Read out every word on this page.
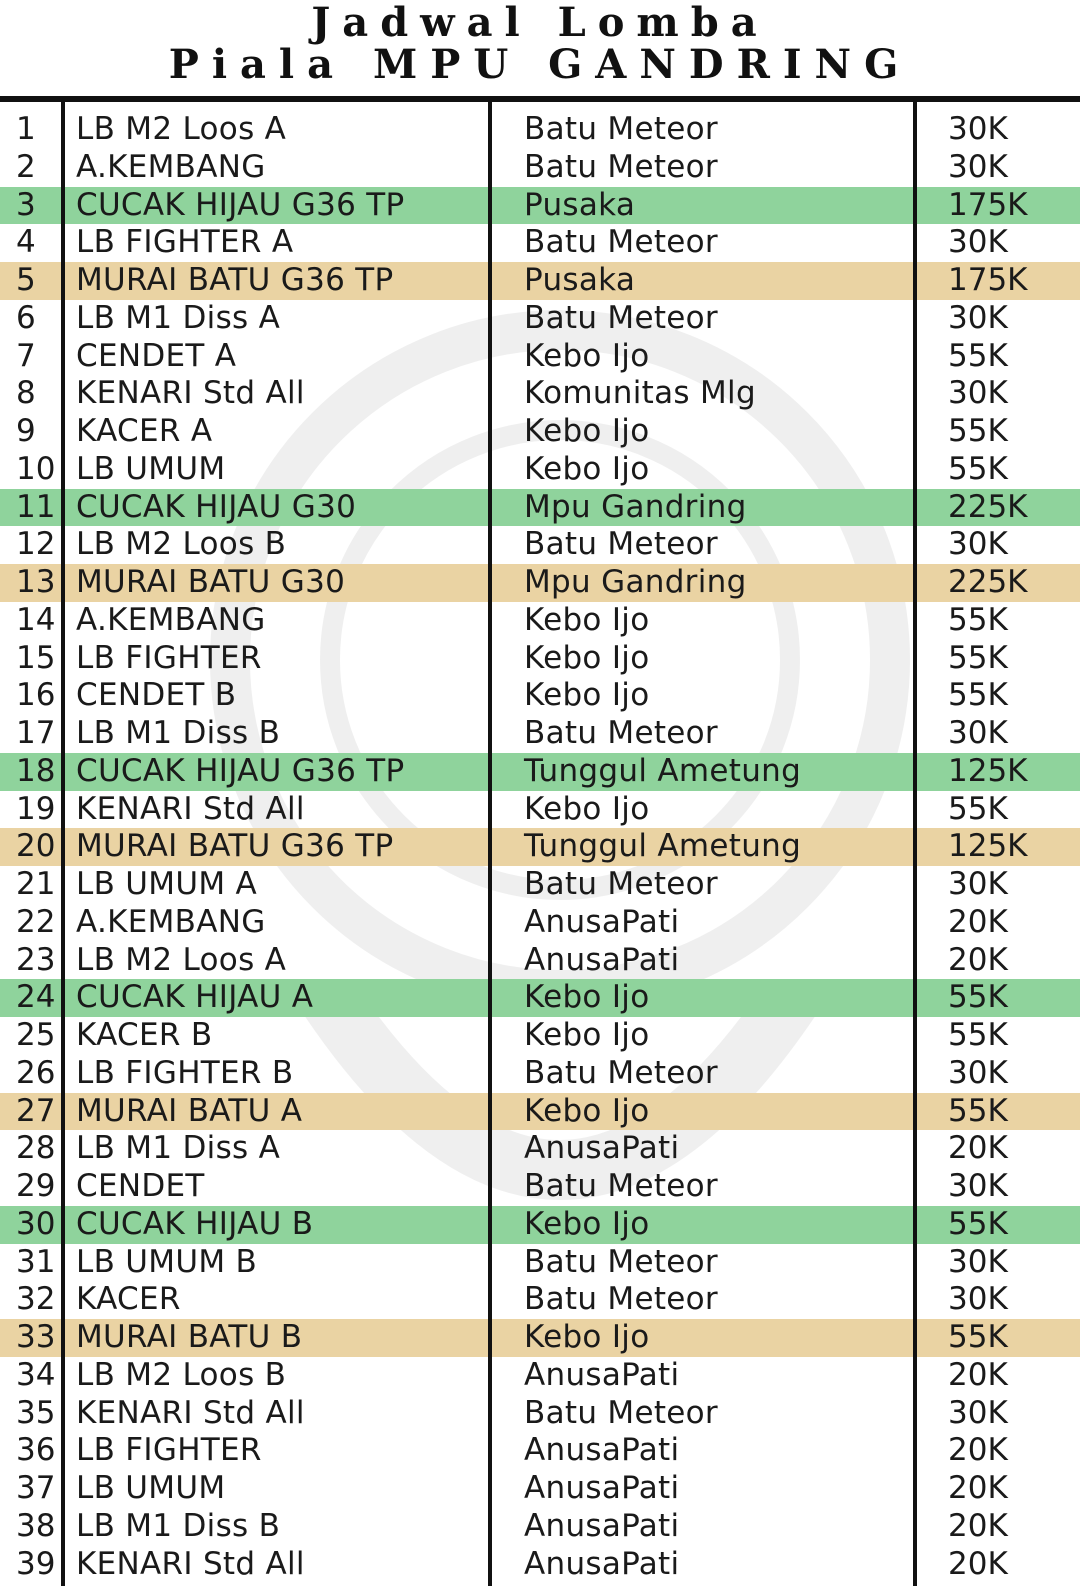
Jadwal Lomba
Piala MPU GANDRING
1 LB M2 Loos A	Batu Meteor	30K
2 A.KEMBANG	Batu Meteor	30K
3 CUCAK HIJAU G36 TP	Pusaka	175K
4 LB FIGHTER A	Batu Meteor	30K
5 MURAI BATU G36 TP	Pusaka	175K
6 LB M1 Diss A	Batu Meteor	30K
7 CENDET A	Kebo Ijo	55K
8 KENARI Std All	Komunitas Mlg	30K
9 KACER A	Kebo Ijo	55K
10 LB UMUM	Kebo Ijo	55K
11 CUCAK HIJAU G30	Mpu Gandring	225K
12 LB M2 Loos B	Batu Meteor	30K
13 MURAI BATU G30	Mpu Gandring	225K
14 A.KEMBANG	Kebo Ijo	55K
15 LB FIGHTER	Kebo Ijo	55K
16 CENDET B	Kebo Ijo	55K
17 LB M1 Diss B	Batu Meteor	30K
18 CUCAK HIJAU G36 TP	Tunggul Ametung	125K
19 KENARI Std All	Kebo Ijo	55K
20 MURAI BATU G36 TP	Tunggul Ametung	125K
21 LB UMUM A	Batu Meteor	30K
22 A.KEMBANG	AnusaPati	20K
23 LB M2 Loos A	AnusaPati	20K
24 CUCAK HIJAU A	Kebo Ijo	55K
25 KACER B	Kebo Ijo	55K
26 LB FIGHTER B	Batu Meteor	30K
27 MURAI BATU A	Kebo Ijo	55K
28 LB M1 Diss A	AnusaPati	20K
29 CENDET	Batu Meteor	30K
30 CUCAK HIJAU B	Kebo Ijo	55K
31 LB UMUM B	Batu Meteor	30K
32 KACER	Batu Meteor	30K
33 MURAI BATU B	Kebo Ijo	55K
34 LB M2 Loos B	AnusaPati	20K
35 KENARI Std All	Batu Meteor	30K
36 LB FIGHTER	AnusaPati	20K
37 LB UMUM	AnusaPati	20K
38 LB M1 Diss B	AnusaPati	20K
39 KENARI Std All	AnusaPati	20K
